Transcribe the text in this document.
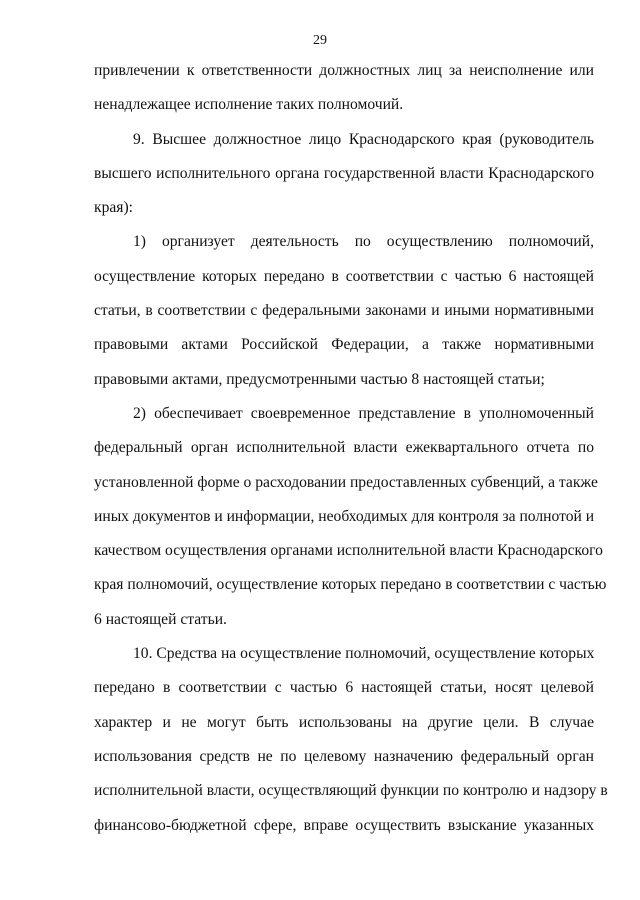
29
привлечении к ответственности должностных лиц за неисполнение или
ненадлежащее исполнение таких полномочий.
9. Высшее должностное лицо Краснодарского края (руководитель
высшего исполнительного органа государственной власти Краснодарского
края):
1) организует деятельность по осуществлению полномочий,
осуществление которых передано в соответствии с частью 6 настоящей
статьи, в соответствии с федеральными законами и иными нормативными
правовыми актами Российской Федерации, а также нормативными
правовыми актами, предусмотренными частью 8 настоящей статьи;
2) обеспечивает своевременное представление в уполномоченный
федеральный орган исполнительной власти ежеквартального отчета по
установленной форме о расходовании предоставленных субвенций, а также
иных документов и информации, необходимых для контроля за полнотой и
качеством осуществления органами исполнительной власти Краснодарского
края полномочий, осуществление которых передано в соответствии с частью
6 настоящей статьи.
10. Средства на осуществление полномочий, осуществление которых
передано в соответствии с частью 6 настоящей статьи, носят целевой
характер и не могут быть использованы на другие цели. В случае
использования средств не по целевому назначению федеральный орган
исполнительной власти, осуществляющий функции по контролю и надзору в
финансово-бюджетной сфере, вправе осуществить взыскание указанных
